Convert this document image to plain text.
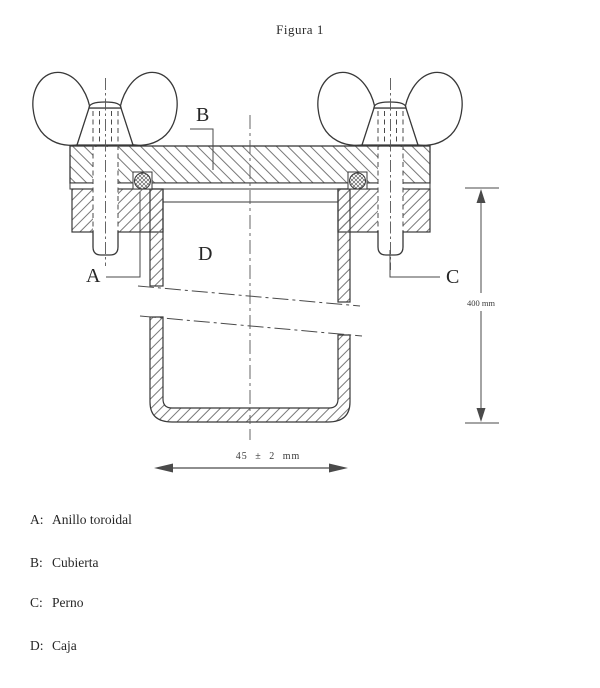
Figura 1
A
B
C
D
400 mm
45 ± 2 mm
A: Anillo toroidal
B: Cubierta
C: Perno
D: Caja
